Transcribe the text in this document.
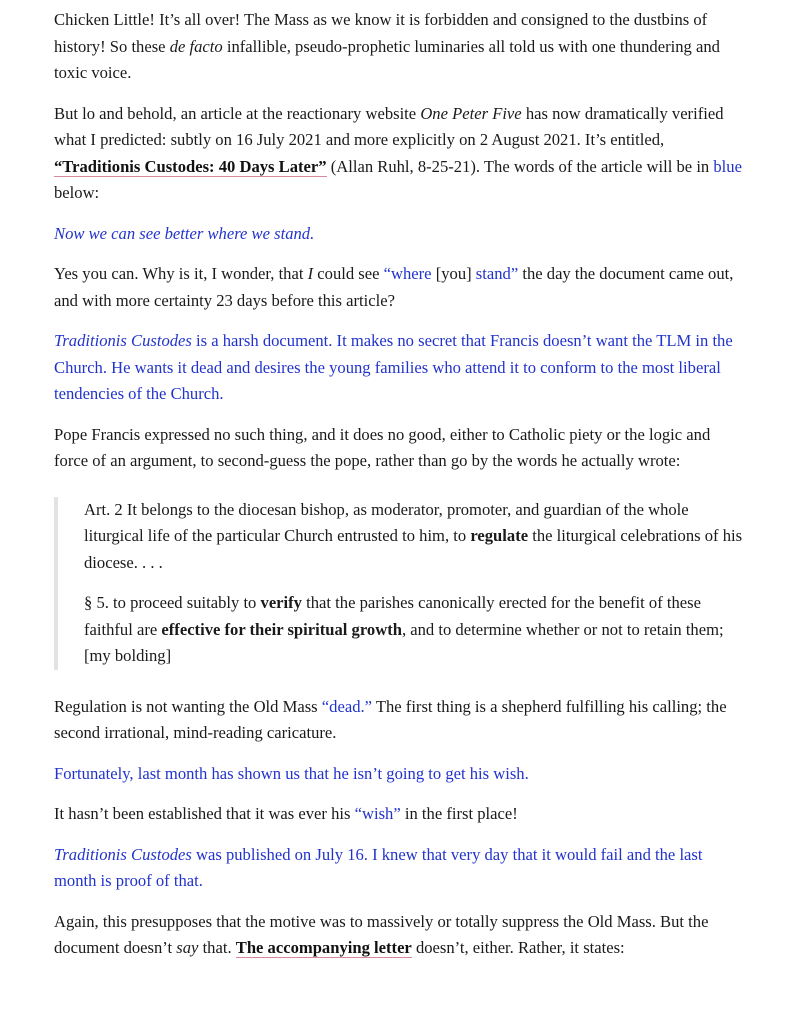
Chicken Little! It’s all over! The Mass as we know it is forbidden and consigned to the dustbins of history! So these de facto infallible, pseudo-prophetic luminaries all told us with one thundering and toxic voice.

But lo and behold, an article at the reactionary website One Peter Five has now dramatically verified what I predicted: subtly on 16 July 2021 and more explicitly on 2 August 2021. It’s entitled, “Traditionis Custodes: 40 Days Later” (Allan Ruhl, 8-25-21). The words of the article will be in blue below:

Now we can see better where we stand.

Yes you can. Why is it, I wonder, that I could see “where [you] stand” the day the document came out, and with more certainty 23 days before this article?

Traditionis Custodes is a harsh document. It makes no secret that Francis doesn’t want the TLM in the Church. He wants it dead and desires the young families who attend it to conform to the most liberal tendencies of the Church.

Pope Francis expressed no such thing, and it does no good, either to Catholic piety or the logic and force of an argument, to second-guess the pope, rather than go by the words he actually wrote:

Art. 2 It belongs to the diocesan bishop, as moderator, promoter, and guardian of the whole liturgical life of the particular Church entrusted to him, to regulate the liturgical celebrations of his diocese. . . .

§ 5. to proceed suitably to verify that the parishes canonically erected for the benefit of these faithful are effective for their spiritual growth, and to determine whether or not to retain them; [my bolding]

Regulation is not wanting the Old Mass “dead.” The first thing is a shepherd fulfilling his calling; the second irrational, mind-reading caricature.

Fortunately, last month has shown us that he isn’t going to get his wish.

It hasn’t been established that it was ever his “wish” in the first place!

Traditionis Custodes was published on July 16. I knew that very day that it would fail and the last month is proof of that.

Again, this presupposes that the motive was to massively or totally suppress the Old Mass. But the document doesn’t say that. The accompanying letter doesn’t, either. Rather, it states:
